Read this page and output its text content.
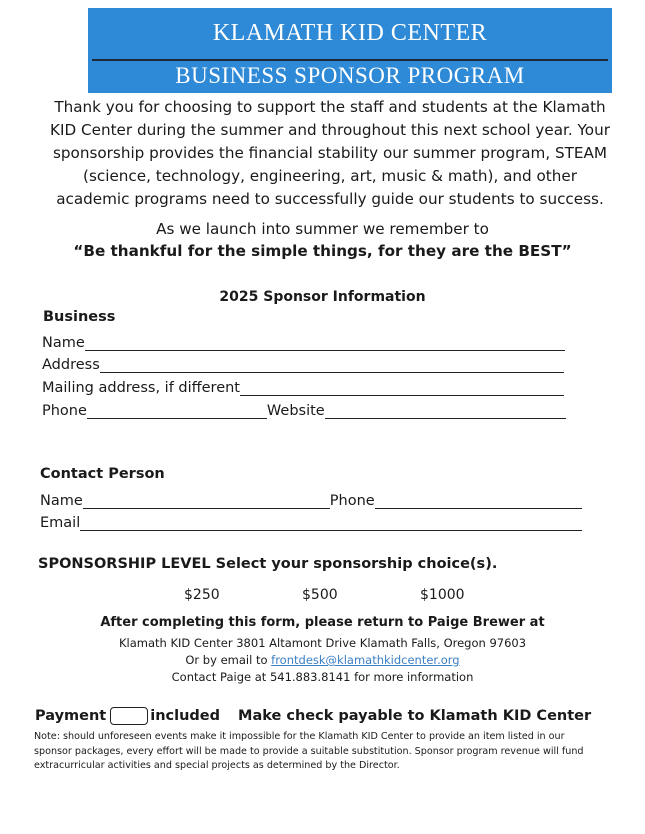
KLAMATH KID CENTER
BUSINESS SPONSOR PROGRAM
Thank you for choosing to support the staff and students at the Klamath KID Center during the summer and throughout this next school year. Your sponsorship provides the financial stability our summer program, STEAM (science, technology, engineering, art, music & math), and other academic programs need to successfully guide our students to success.
As we launch into summer we remember to
“Be thankful for the simple things, for they are the BEST”
2025 Sponsor Information
Business
Name
Address
Mailing address, if different
Phone	Website
Contact Person
Name	Phone
Email
SPONSORSHIP LEVEL Select your sponsorship choice(s).
$250	$500	$1000
After completing this form, please return to Paige Brewer at
Klamath KID Center 3801 Altamont Drive Klamath Falls, Oregon 97603
Or by email to frontdesk@klamathkidcenter.org
Contact Paige at 541.883.8141 for more information
Payment	included Make check payable to Klamath KID Center
Note: should unforeseen events make it impossible for the Klamath KID Center to provide an item listed in our sponsor packages, every effort will be made to provide a suitable substitution. Sponsor program revenue will fund extracurricular activities and special projects as determined by the Director.
